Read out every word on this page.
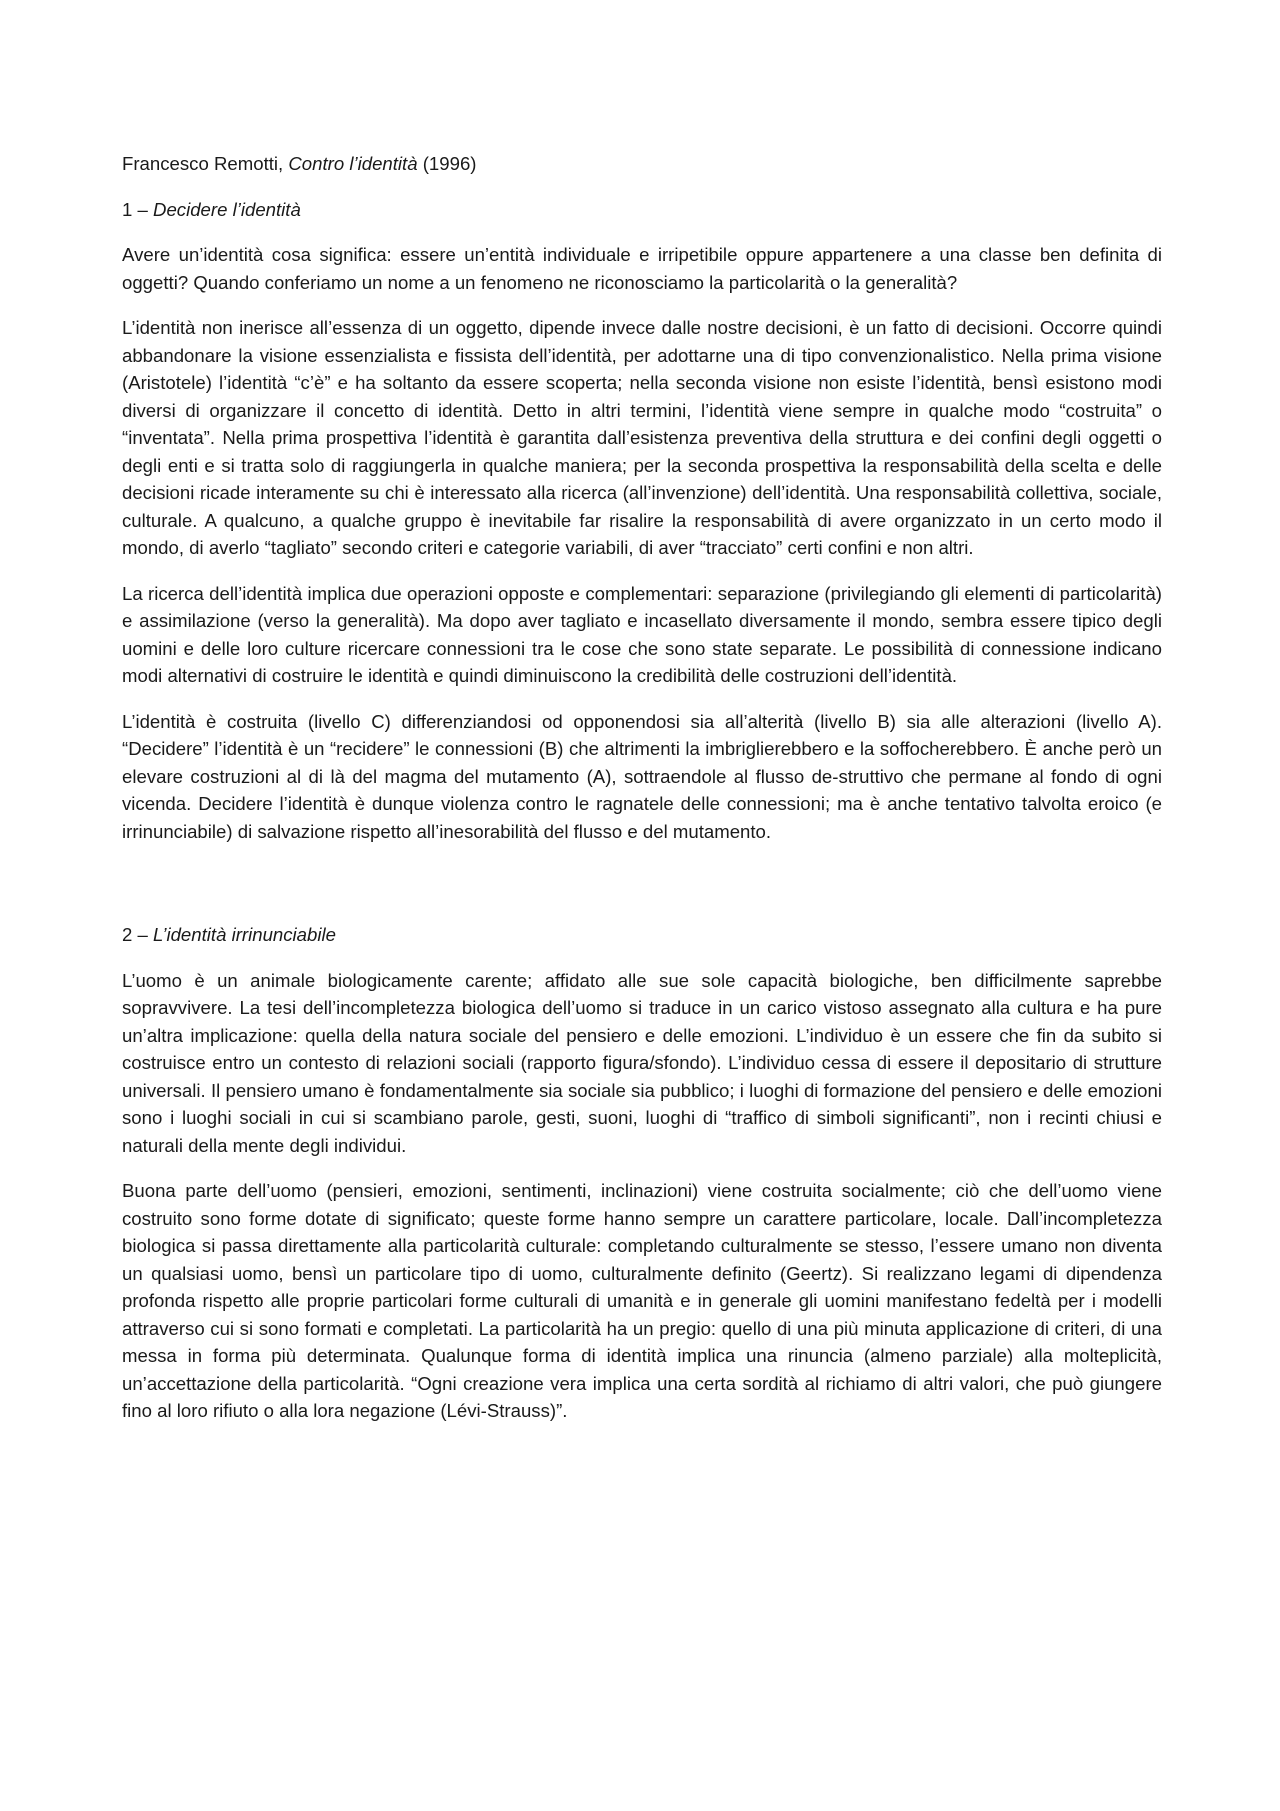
Francesco Remotti, Contro l’identità (1996)

1 – Decidere l’identità

Avere un’identità cosa significa: essere un’entità individuale e irripetibile oppure appartenere a una classe ben definita di oggetti? Quando conferiamo un nome a un fenomeno ne riconosciamo la particolarità o la generalità?

L’identità non inerisce all’essenza di un oggetto, dipende invece dalle nostre decisioni, è un fatto di decisioni. Occorre quindi abbandonare la visione essenzialista e fissista dell’identità, per adottarne una di tipo convenzionalistico. Nella prima visione (Aristotele) l’identità “c’è” e ha soltanto da essere scoperta; nella seconda visione non esiste l’identità, bensì esistono modi diversi di organizzare il concetto di identità. Detto in altri termini, l’identità viene sempre in qualche modo “costruita” o “inventata”. Nella prima prospettiva l’identità è garantita dall’esistenza preventiva della struttura e dei confini degli oggetti o degli enti e si tratta solo di raggiungerla in qualche maniera; per la seconda prospettiva la responsabilità della scelta e delle decisioni ricade interamente su chi è interessato alla ricerca (all’invenzione) dell’identità. Una responsabilità collettiva, sociale, culturale. A qualcuno, a qualche gruppo è inevitabile far risalire la responsabilità di avere organizzato in un certo modo il mondo, di averlo “tagliato” secondo criteri e categorie variabili, di aver “tracciato” certi confini e non altri.

La ricerca dell’identità implica due operazioni opposte e complementari: separazione (privilegiando gli elementi di particolarità) e assimilazione (verso la generalità). Ma dopo aver tagliato e incasellato diversamente il mondo, sembra essere tipico degli uomini e delle loro culture ricercare connessioni tra le cose che sono state separate. Le possibilità di connessione indicano modi alternativi di costruire le identità e quindi diminuiscono la credibilità delle costruzioni dell’identità.

L’identità è costruita (livello C) differenziandosi od opponendosi sia all’alterità (livello B) sia alle alterazioni (livello A). “Decidere” l’identità è un “recidere” le connessioni (B) che altrimenti la imbriglierebbero e la soffocherebbero. È anche però un elevare costruzioni al di là del magma del mutamento (A), sottraendole al flusso de-struttivo che permane al fondo di ogni vicenda. Decidere l’identità è dunque violenza contro le ragnatele delle connessioni; ma è anche tentativo talvolta eroico (e irrinunciabile) di salvazione rispetto all’inesorabilità del flusso e del mutamento.

2 – L’identità irrinunciabile

L’uomo è un animale biologicamente carente; affidato alle sue sole capacità biologiche, ben difficilmente saprebbe sopravvivere. La tesi dell’incompletezza biologica dell’uomo si traduce in un carico vistoso assegnato alla cultura e ha pure un’altra implicazione: quella della natura sociale del pensiero e delle emozioni. L’individuo è un essere che fin da subito si costruisce entro un contesto di relazioni sociali (rapporto figura/sfondo). L’individuo cessa di essere il depositario di strutture universali. Il pensiero umano è fondamentalmente sia sociale sia pubblico; i luoghi di formazione del pensiero e delle emozioni sono i luoghi sociali in cui si scambiano parole, gesti, suoni, luoghi di “traffico di simboli significanti”, non i recinti chiusi e naturali della mente degli individui.

Buona parte dell’uomo (pensieri, emozioni, sentimenti, inclinazioni) viene costruita socialmente; ciò che dell’uomo viene costruito sono forme dotate di significato; queste forme hanno sempre un carattere particolare, locale. Dall’incompletezza biologica si passa direttamente alla particolarità culturale: completando culturalmente se stesso, l’essere umano non diventa un qualsiasi uomo, bensì un particolare tipo di uomo, culturalmente definito (Geertz). Si realizzano legami di dipendenza profonda rispetto alle proprie particolari forme culturali di umanità e in generale gli uomini manifestano fedeltà per i modelli attraverso cui si sono formati e completati. La particolarità ha un pregio: quello di una più minuta applicazione di criteri, di una messa in forma più determinata. Qualunque forma di identità implica una rinuncia (almeno parziale) alla molteplicità, un’accettazione della particolarità. “Ogni creazione vera implica una certa sordità al richiamo di altri valori, che può giungere fino al loro rifiuto o alla lora negazione (Lévi-Strauss)”.
